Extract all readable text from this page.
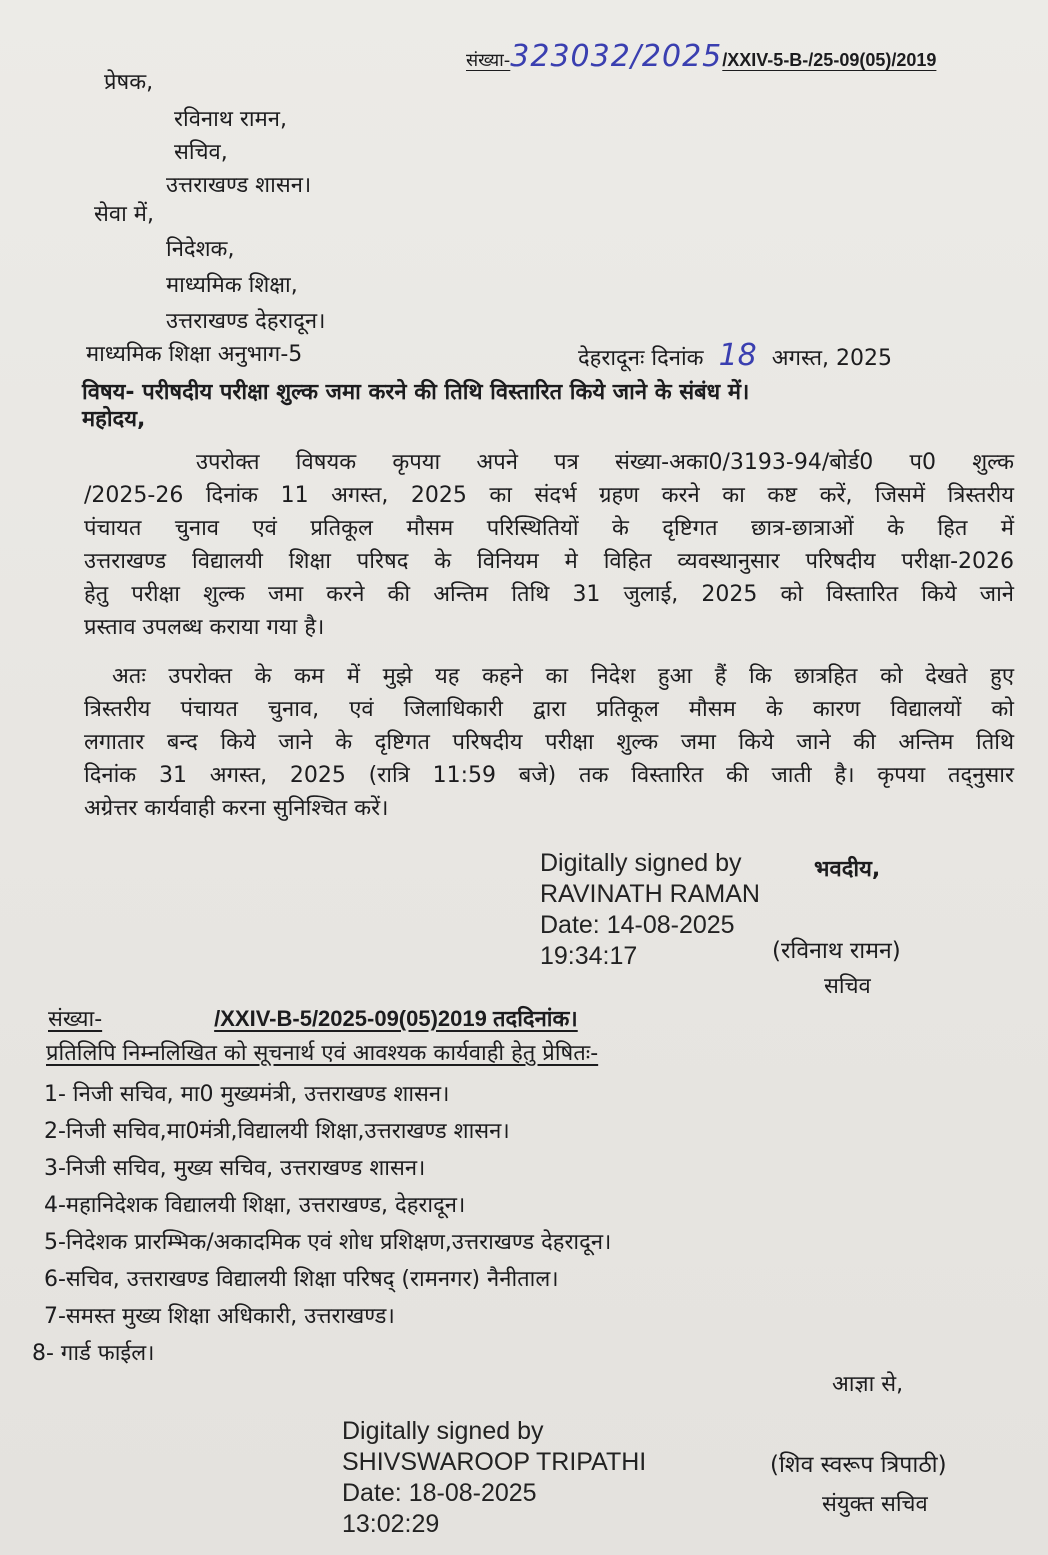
संख्या-323032/2025/XXIV-5-B-/25-09(05)/2019
प्रेषक,
रविनाथ रामन,
सचिव,
उत्तराखण्ड शासन।
सेवा में,
निदेशक,
माध्यमिक शिक्षा,
उत्तराखण्ड देहरादून।
माध्यमिक शिक्षा अनुभाग-5	देहरादूनः दिनांक 18 अगस्त, 2025
विषय- परीषदीय परीक्षा शुल्क जमा करने की तिथि विस्तारित किये जाने के संबंध में।
महोदय,
उपरोक्त विषयक कृपया अपने पत्र संख्या-अका0/3193-94/बोर्ड0 प0 शुल्क
/2025-26 दिनांक 11 अगस्त, 2025 का संदर्भ ग्रहण करने का कष्ट करें, जिसमें त्रिस्तरीय
पंचायत चुनाव एवं प्रतिकूल मौसम परिस्थितियों के दृष्टिगत छात्र-छात्राओं के हित में
उत्तराखण्ड विद्यालयी शिक्षा परिषद के विनियम मे विहित व्यवस्थानुसार परिषदीय परीक्षा-2026
हेतु परीक्षा शुल्क जमा करने की अन्तिम तिथि 31 जुलाई, 2025 को विस्तारित किये जाने
प्रस्ताव उपलब्ध कराया गया है।
अतः उपरोक्त के कम में मुझे यह कहने का निदेश हुआ हैं कि छात्रहित को देखते हुए
त्रिस्तरीय पंचायत चुनाव, एवं जिलाधिकारी द्वारा प्रतिकूल मौसम के कारण विद्यालयों को
लगातार बन्द किये जाने के दृष्टिगत परिषदीय परीक्षा शुल्क जमा किये जाने की अन्तिम तिथि
दिनांक 31 अगस्त, 2025 (रात्रि 11:59 बजे) तक विस्तारित की जाती है। कृपया तद्नुसार
अग्रेत्तर कार्यवाही करना सुनिश्चित करें।
Digitally signed by
RAVINATH RAMAN
Date: 14-08-2025
19:34:17
भवदीय,
(रविनाथ रामन)
सचिव
संख्या-	/XXIV-B-5/2025-09(05)2019 तददिनांक।
प्रतिलिपि निम्नलिखित को सूचनार्थ एवं आवश्यक कार्यवाही हेतु प्रेषितः-
1- निजी सचिव, मा0 मुख्यमंत्री, उत्तराखण्ड शासन।
2-निजी सचिव,मा0मंत्री,विद्यालयी शिक्षा,उत्तराखण्ड शासन।
3-निजी सचिव, मुख्य सचिव, उत्तराखण्ड शासन।
4-महानिदेशक विद्यालयी शिक्षा, उत्तराखण्ड, देहरादून।
5-निदेशक प्रारम्भिक/अकादमिक एवं शोध प्रशिक्षण,उत्तराखण्ड देहरादून।
6-सचिव, उत्तराखण्ड विद्यालयी शिक्षा परिषद् (रामनगर) नैनीताल।
7-समस्त मुख्य शिक्षा अधिकारी, उत्तराखण्ड।
8- गार्ड फाईल।
आज्ञा से,
Digitally signed by
SHIVSWAROOP TRIPATHI
Date: 18-08-2025
13:02:29
(शिव स्वरूप त्रिपाठी)
संयुक्त सचिव
